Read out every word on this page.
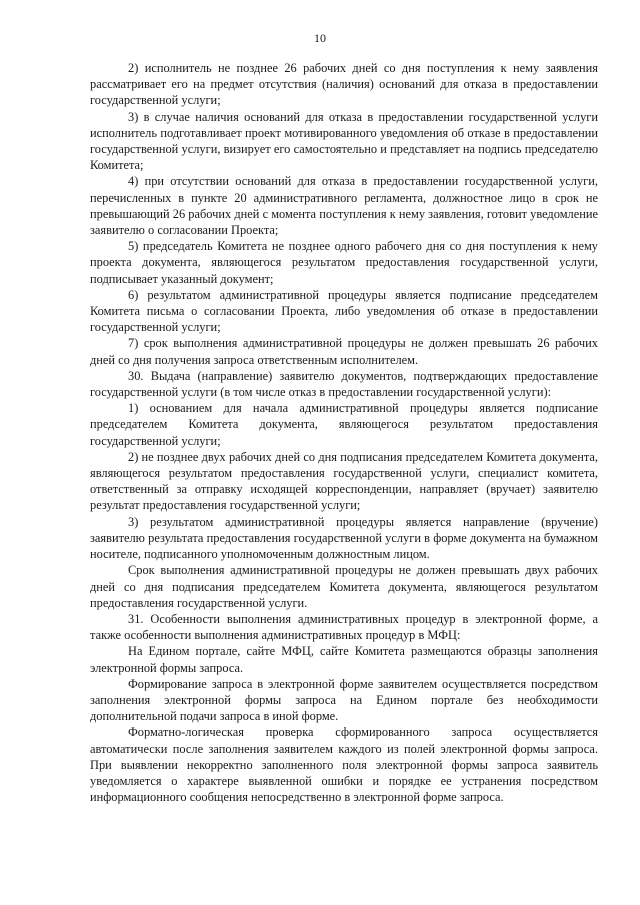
10

2) исполнитель не позднее 26 рабочих дней со дня поступления к нему заявления рассматривает его на предмет отсутствия (наличия) оснований для отказа в предоставлении государственной услуги;

3) в случае наличия оснований для отказа в предоставлении государственной услуги исполнитель подготавливает проект мотивированного уведомления об отказе в предоставлении государственной услуги, визирует его самостоятельно и представляет на подпись председателю Комитета;

4) при отсутствии оснований для отказа в предоставлении государственной услуги, перечисленных в пункте 20 административного регламента, должностное лицо в срок не превышающий 26 рабочих дней с момента поступления к нему заявления, готовит уведомление заявителю о согласовании Проекта;

5) председатель Комитета не позднее одного рабочего дня со дня поступления к нему проекта документа, являющегося результатом предоставления государственной услуги, подписывает указанный документ;

6) результатом административной процедуры является подписание председателем Комитета письма о согласовании Проекта, либо уведомления об отказе в предоставлении государственной услуги;

7) срок выполнения административной процедуры не должен превышать 26 рабочих дней со дня получения запроса ответственным исполнителем.

30. Выдача (направление) заявителю документов, подтверждающих предоставление государственной услуги (в том числе отказ в предоставлении государственной услуги):

1) основанием для начала административной процедуры является подписание председателем Комитета документа, являющегося результатом предоставления государственной услуги;

2) не позднее двух рабочих дней со дня подписания председателем Комитета документа, являющегося результатом предоставления государственной услуги, специалист комитета, ответственный за отправку исходящей корреспонденции, направляет (вручает) заявителю результат предоставления государственной услуги;

3) результатом административной процедуры является направление (вручение) заявителю результата предоставления государственной услуги в форме документа на бумажном носителе, подписанного уполномоченным должностным лицом.

Срок выполнения административной процедуры не должен превышать двух рабочих дней со дня подписания председателем Комитета документа, являющегося результатом предоставления государственной услуги.

31. Особенности выполнения административных процедур в электронной форме, а также особенности выполнения административных процедур в МФЦ:

На Едином портале, сайте МФЦ, сайте Комитета размещаются образцы заполнения электронной формы запроса.

Формирование запроса в электронной форме заявителем осуществляется посредством заполнения электронной формы запроса на Едином портале без необходимости дополнительной подачи запроса в иной форме.

Форматно-логическая проверка сформированного запроса осуществляется автоматически после заполнения заявителем каждого из полей электронной формы запроса. При выявлении некорректно заполненного поля электронной формы запроса заявитель уведомляется о характере выявленной ошибки и порядке ее устранения посредством информационного сообщения непосредственно в электронной форме запроса.
